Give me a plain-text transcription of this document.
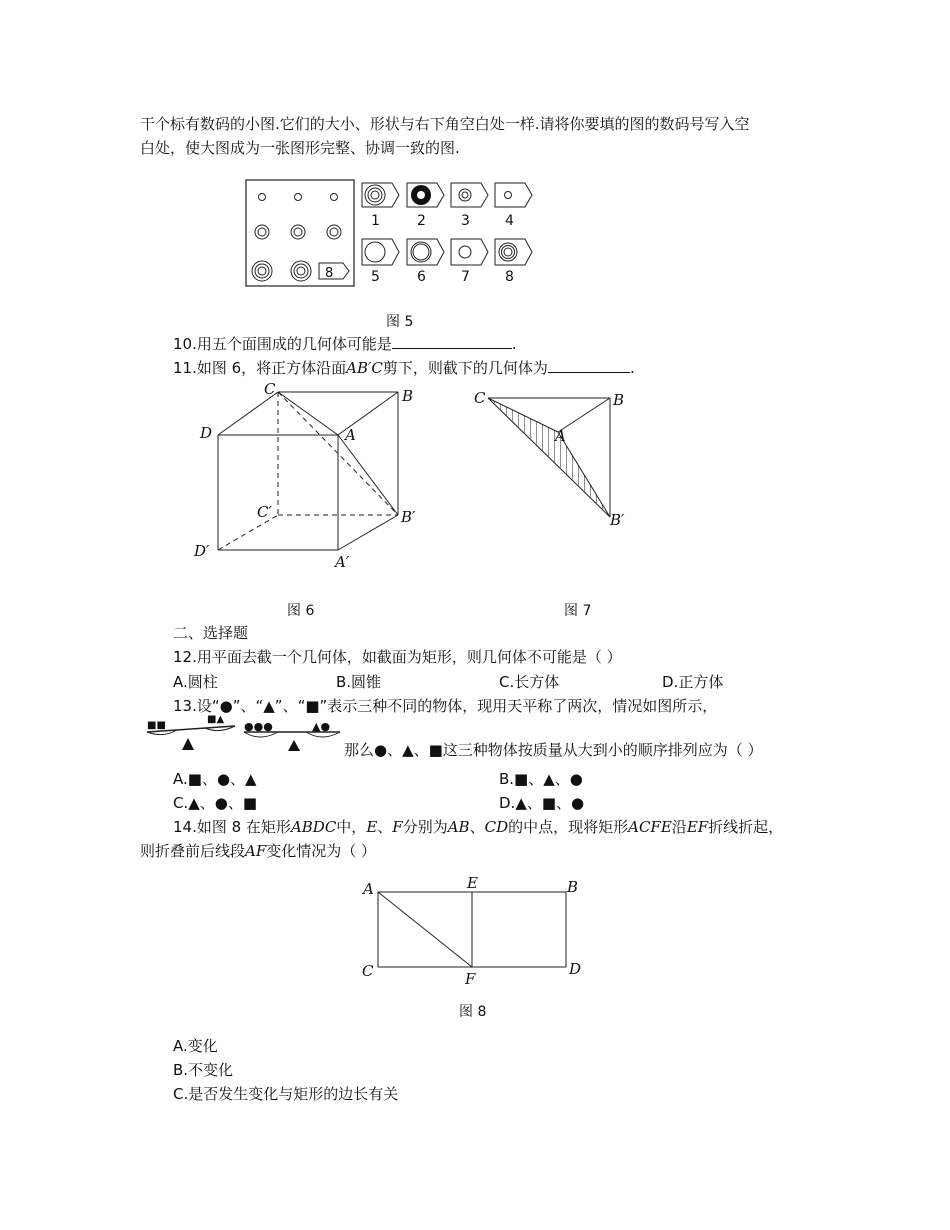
干个标有数码的小图.它们的大小、形状与右下角空白处一样.请将你要填的图的数码号写入空
白处，使大图成为一张图形完整、协调一致的图.
8
1	2	3	4
5	6	7	8
图 5
10.用五个面围成的几何体可能是	.
11.如图 6，将正方体沿面AB′C剪下，则截下的几何体为	.
C	B
D	A
C′	B′
D′
A′
图 6
C	B
A
B′
图 7
二、选择题
12.用平面去截一个几何体，如截面为矩形，则几何体不可能是（ ）
A.圆柱	B.圆锥	C.长方体	D.正方体
13.设“●”、“▲”、“■”表示三种不同的物体，现用天平称了两次，情况如图所示，
■■
■▲
●●●	▲●
那么●、▲、■这三种物体按质量从大到小的顺序排列应为（ ）
A.■、●、▲	B.■、▲、●
C.▲、●、■	D.▲、■、●
14.如图 8 在矩形ABDC中，E、F分别为AB、CD的中点，现将矩形ACFE沿EF折线折起，
则折叠前后线段AF变化情况为（ ）
A	E	B
C	F
D
图 8
A.变化
B.不变化
C.是否发生变化与矩形的边长有关
